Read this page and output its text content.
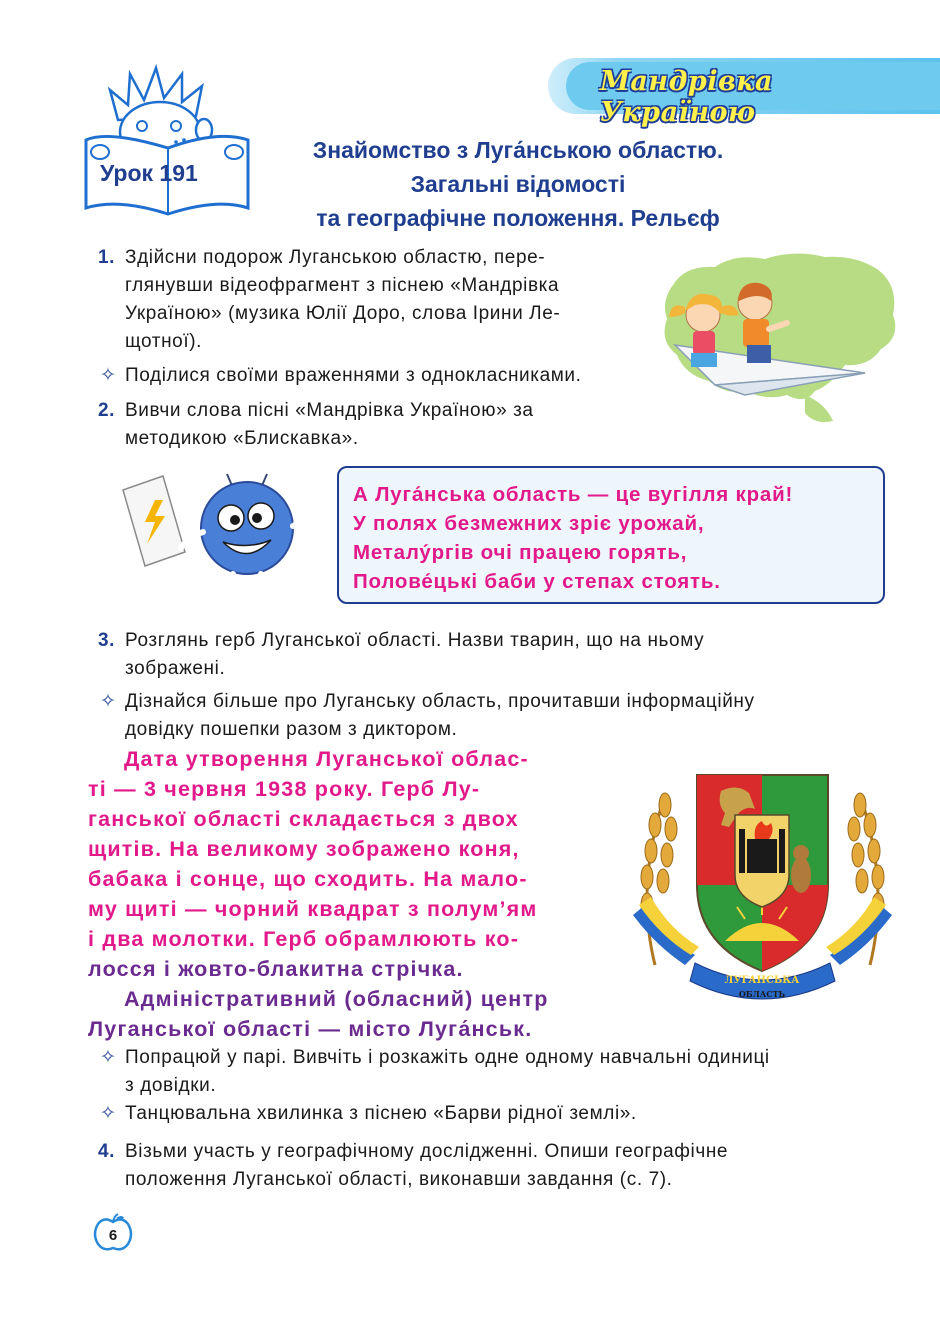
Мандрівка Україною
Урок 191
Знайомство з Луга́нською областю.
Загальні відомості
та географічне положення. Рельєф
1. Здійсни подорож Луганською областю, пере-
глянувши відеофрагмент з піснею «Мандрівка
Україною» (музика Юлії Доро, слова Ірини Ле-
щотної).
✧ Поділися своїми враженнями з однокласниками.
2. Вивчи слова пісні «Мандрівка Україною» за
методикою «Блискавка».
А Луга́нська область — це вугілля край!
У полях безмежних зріє урожай,
Металу́ргів очі працею горять,
Полове́цькі баби у степах стоять.
3. Розглянь герб Луганської області. Назви тварин, що на ньому
зображені.
✧ Дізнайся більше про Луганську область, прочитавши інформаційну
довідку пошепки разом з диктором.
Дата утворення Луганської облас-
ті — 3 червня 1938 року. Герб Лу-
ганської області складається з двох
щитів. На великому зображено коня,
бабака і сонце, що сходить. На мало-
му щиті — чорний квадрат з полум’ям
і два молотки. Герб обрамлюють ко-
лосся і жовто-блакитна стрічка.
Адміністративний (обласний) центр
Луганської області — місто Луга́нськ.
ЛУГАНСЬКА
ОБЛАСТЬ
✧ Попрацюй у парі. Вивчіть і розкажіть одне одному навчальні одиниці
з довідки.
✧ Танцювальна хвилинка з піснею «Барви рідної землі».
4. Візьми участь у географічному дослідженні. Опиши географічне
положення Луганської області, виконавши завдання (с. 7).
6
